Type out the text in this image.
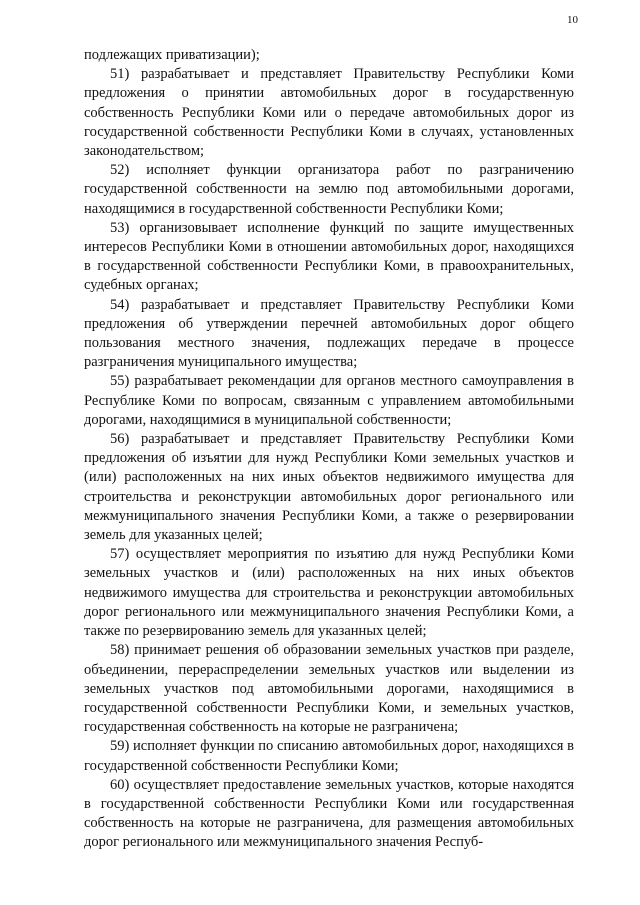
10

подлежащих приватизации);

51) разрабатывает и представляет Правительству Республики Коми предложения о принятии автомобильных дорог в государственную собственность Республики Коми или о передаче автомобильных дорог из государственной собственности Республики Коми в случаях, установленных законодательством;

52) исполняет функции организатора работ по разграничению государственной собственности на землю под автомобильными дорогами, находящимися в государственной собственности Республики Коми;

53) организовывает исполнение функций по защите имущественных интересов Республики Коми в отношении автомобильных дорог, находящихся в государственной собственности Республики Коми, в правоохранительных, судебных органах;

54) разрабатывает и представляет Правительству Республики Коми предложения об утверждении перечней автомобильных дорог общего пользования местного значения, подлежащих передаче в процессе разграничения муниципального имущества;

55) разрабатывает рекомендации для органов местного самоуправления в Республике Коми по вопросам, связанным с управлением автомобильными дорогами, находящимися в муниципальной собственности;

56) разрабатывает и представляет Правительству Республики Коми предложения об изъятии для нужд Республики Коми земельных участков и (или) расположенных на них иных объектов недвижимого имущества для строительства и реконструкции автомобильных дорог регионального или межмуниципального значения Республики Коми, а также о резервировании земель для указанных целей;

57) осуществляет мероприятия по изъятию для нужд Республики Коми земельных участков и (или) расположенных на них иных объектов недвижимого имущества для строительства и реконструкции автомобильных дорог регионального или межмуниципального значения Республики Коми, а также по резервированию земель для указанных целей;

58) принимает решения об образовании земельных участков при разделе, объединении, перераспределении земельных участков или выделении из земельных участков под автомобильными дорогами, находящимися в государственной собственности Республики Коми, и земельных участков, государственная собственность на которые не разграничена;

59) исполняет функции по списанию автомобильных дорог, находящихся в государственной собственности Республики Коми;

60) осуществляет предоставление земельных участков, которые находятся в государственной собственности Республики Коми или государственная собственность на которые не разграничена, для размещения автомобильных дорог регионального или межмуниципального значения Респуб-
